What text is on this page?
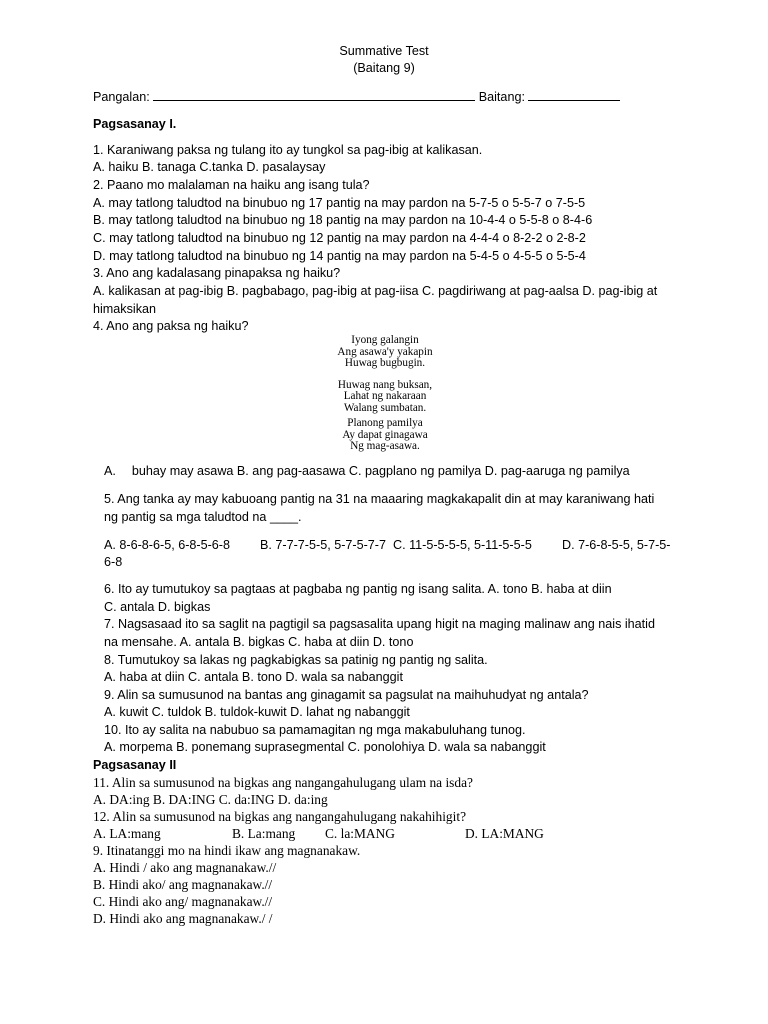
Summative Test
(Baitang 9)
Pangalan:	Baitang:
Pagsasanay I.
1. Karaniwang paksa ng tulang ito ay tungkol sa pag-ibig at kalikasan.
A. haiku B. tanaga C.tanka D. pasalaysay
2. Paano mo malalaman na haiku ang isang tula?
A. may tatlong taludtod na binubuo ng 17 pantig na may pardon na 5-7-5 o 5-5-7 o 7-5-5
B. may tatlong taludtod na binubuo ng 18 pantig na may pardon na 10-4-4 o 5-5-8 o 8-4-6
C. may tatlong taludtod na binubuo ng 12 pantig na may pardon na 4-4-4 o 8-2-2 o 2-8-2
D. may tatlong taludtod na binubuo ng 14 pantig na may pardon na 5-4-5 o 4-5-5 o 5-5-4
3. Ano ang kadalasang pinapaksa ng haiku?
A. kalikasan at pag-ibig B. pagbabago, pag-ibig at pag-iisa C. pagdiriwang at pag-aalsa D. pag-ibig at
himaksikan
4. Ano ang paksa ng haiku?
Iyong galangin
Ang asawa'y yakapin
Huwag bugbugin.
Huwag nang buksan,
Lahat ng nakaraan
Walang sumbatan.
Planong pamilya
Ay dapat ginagawa
Ng mag-asawa.
A. buhay may asawa B. ang pag-aasawa C. pagplano ng pamilya D. pag-aaruga ng pamilya
5. Ang tanka ay may kabuoang pantig na 31 na maaaring magkakapalit din at may karaniwang hati
ng pantig sa mga taludtod na ____.
A. 8-6-8-6-5, 6-8-5-6-8 B. 7-7-7-5-5, 5-7-5-7-7 C. 11-5-5-5-5, 5-11-5-5-5 D. 7-6-8-5-5, 5-7-5-
6-8
6. Ito ay tumutukoy sa pagtaas at pagbaba ng pantig ng isang salita. A. tono B. haba at diin
C. antala D. bigkas
7. Nagsasaad ito sa saglit na pagtigil sa pagsasalita upang higit na maging malinaw ang nais ihatid
na mensahe. A. antala B. bigkas C. haba at diin D. tono
8. Tumutukoy sa lakas ng pagkabigkas sa patinig ng pantig ng salita.
A. haba at diin C. antala B. tono D. wala sa nabanggit
9. Alin sa sumusunod na bantas ang ginagamit sa pagsulat na maihuhudyat ng antala?
A. kuwit C. tuldok B. tuldok-kuwit D. lahat ng nabanggit
10. Ito ay salita na nabubuo sa pamamagitan ng mga makabuluhang tunog.
A. morpema B. ponemang suprasegmental C. ponolohiya D. wala sa nabanggit
Pagsasanay II
11. Alin sa sumusunod na bigkas ang nangangahulugang ulam na isda?
A. DA:ing B. DA:ING C. da:ING D. da:ing
12. Alin sa sumusunod na bigkas ang nangangahulugang nakahihigit?
A. LA:mang	B. La:mang C. la:MANG	D. LA:MANG
9. Itinatanggi mo na hindi ikaw ang magnanakaw.
A. Hindi / ako ang magnanakaw.//
B. Hindi ako/ ang magnanakaw.//
C. Hindi ako ang/ magnanakaw.//
D. Hindi ako ang magnanakaw./ /
